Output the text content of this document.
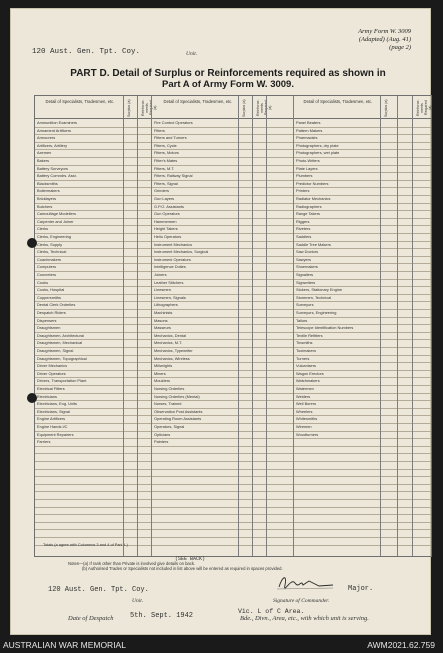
Army Form W. 3009
(Adapted) (Aug. 41)
(page 2)
120 Aust. Gen. Tpt. Coy.	Unit.
PART D. Detail of Surplus or Reinforcements required as shown in
Part A of Army Form W. 3009.
Detail of Specialists, Tradesmen, etc.	Surplus (a)	Reinforce- ments Required (a)
Detail of Specialists, Tradesmen, etc.	Surplus (a)	Reinforce- ments Required (a)
Detail of Specialists, Tradesmen, etc.	Surplus (a)	Reinforce- ments Required (a)
Ammunition Examiners
Armament Artificers
Armourers
Artificers, Artillery
Axemen
Bakers
Battery Surveyors
Battery Comndrs. Asst.
Blacksmiths
Boilermakers
Bricklayers
Butchers
Camouflage Modellers
Carpenter and Joiner
Clerks
Clerks, Engineering
Clerks, Supply
Clerks, Technical
Coachmakers
Computers
Concreters
Cooks
Cooks, Hospital
Coppersmiths
Dental Clerk Orderlies
Despatch Riders
Dispensers
Draughtsmen
Draughtsmen, Architectural
Draughtsmen, Mechanical
Draughtsmen, Signal
Draughtsmen, Topographical
Driver Mechanics
Driver Operators
Drivers, Transportation Plant
Electrical Fitters
Electricians
Electricians, Eng. Units
Electricians, Signal
Engine Artificers
Engine Hands I/C
Equipment Repairers
Farriers
Fire Control Operators
Fitters
Fitters and Turners
Fitters, Cycle
Fitters, Motors
Fitter's Mates
Fitters, M.T.
Fitters, Railway Signal
Fitters, Signal
Grinders
Gun Layers
G.P.O. Assistants
Gun Operators
Hammermen
Height Takers
Helio Operators
Instrument Mechanics
Instrument Mechanics, Surgical
Instrument Operators
Intelligence Duties
Joiners
Leather Stitchers
Linesmen
Linesmen, Signals
Lithographers
Machinists
Masons
Masseurs
Mechanics, Dental
Mechanics, M.T.
Mechanics, Typewriter
Mechanics, Wireless
Millwrights
Miners
Moulders
Nursing Orderlies
Nursing Orderlies (Mental)
Nurses, Trained
Observation Post Assistants
Operating Room Assistants
Operators, Signal
Opticians
Painters
Panel Beaters
Pattern Makers
Pharmacists
Photographers, dry plate
Photographers, wet plate
Photo-Writers
Plate Layers
Plumbers
Predictor Numbers
Printers
Radiator Mechanics
Radiographers
Range Takers
Riggers
Riveters
Saddlers
Saddle Tree Makers
Saw Doctors
Sawyers
Shoemakers
Signallers
Signwriters
Stokers, Stationary Engine
Storemen, Technical
Surveyors
Surveyors, Engineering
Tailors
Telescope Identification Numbers
Textile Refitters
Tinsmiths
Toolmakers
Turners
Vulcanisers
Wagon Erectors
Watchmakers
Watermen
Welders
Well Borers
Wheelers
Whitesmiths
Wiremen
Woodturners
Totals (a agree with Columnns 3 and 4 of Part A.)
(SEE BACK)
Notes—(a) If rank other than Private is involved give details on back.
(b) Authorised Trades or Specialists not included in list above will be entered as required in spaces provided.
120 Aust. Gen. Tpt. Coy.	Major.
Unit.	Signature of Commander.
Vic. L of C Area.
Date of Despatch 5th. Sept. 1942	Bde., Divn., Area, etc., with which unit is serving.
AUSTRALIAN WAR MEMORIAL	AWM2021.62.759
